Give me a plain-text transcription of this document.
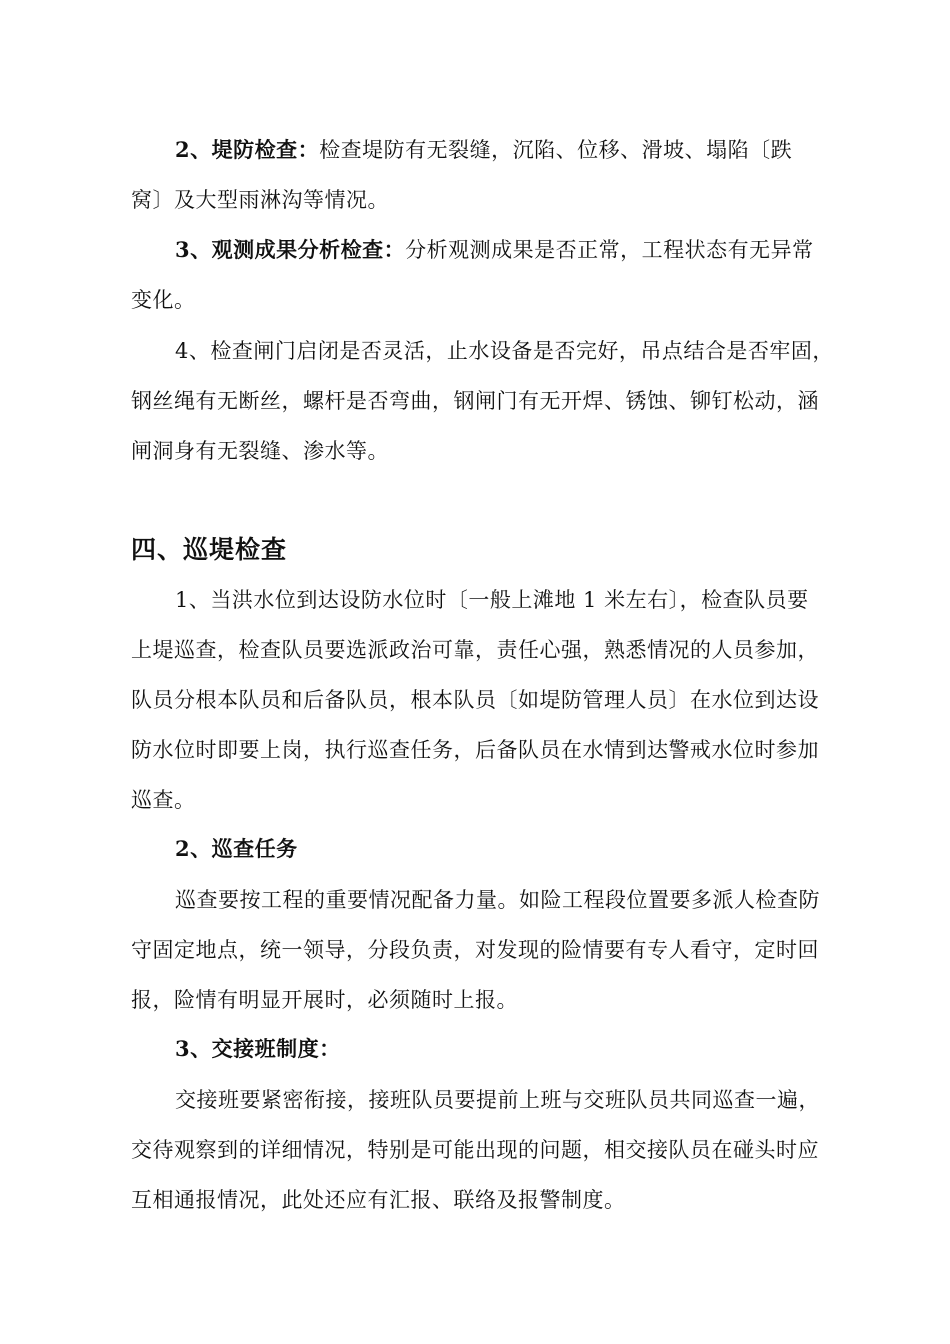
2、堤防检查：检查堤防有无裂缝，沉陷、位移、滑坡、塌陷〔跌
窝〕及大型雨淋沟等情况。
3、观测成果分析检查：分析观测成果是否正常，工程状态有无异常
变化。
4、检查闸门启闭是否灵活，止水设备是否完好，吊点结合是否牢固，
钢丝绳有无断丝，螺杆是否弯曲，钢闸门有无开焊、锈蚀、铆钉松动，涵
闸洞身有无裂缝、渗水等。
四、巡堤检查
1、当洪水位到达设防水位时〔一般上滩地 1 米左右〕，检查队员要
上堤巡查，检查队员要选派政治可靠，责任心强，熟悉情况的人员参加，
队员分根本队员和后备队员，根本队员〔如堤防管理人员〕在水位到达设
防水位时即要上岗，执行巡查任务，后备队员在水情到达警戒水位时参加
巡查。
2、巡查任务
巡查要按工程的重要情况配备力量。如险工程段位置要多派人检查防
守固定地点，统一领导，分段负责，对发现的险情要有专人看守，定时回
报，险情有明显开展时，必须随时上报。
3、交接班制度：
交接班要紧密衔接，接班队员要提前上班与交班队员共同巡查一遍，
交待观察到的详细情况，特别是可能出现的问题，相交接队员在碰头时应
互相通报情况，此处还应有汇报、联络及报警制度。
